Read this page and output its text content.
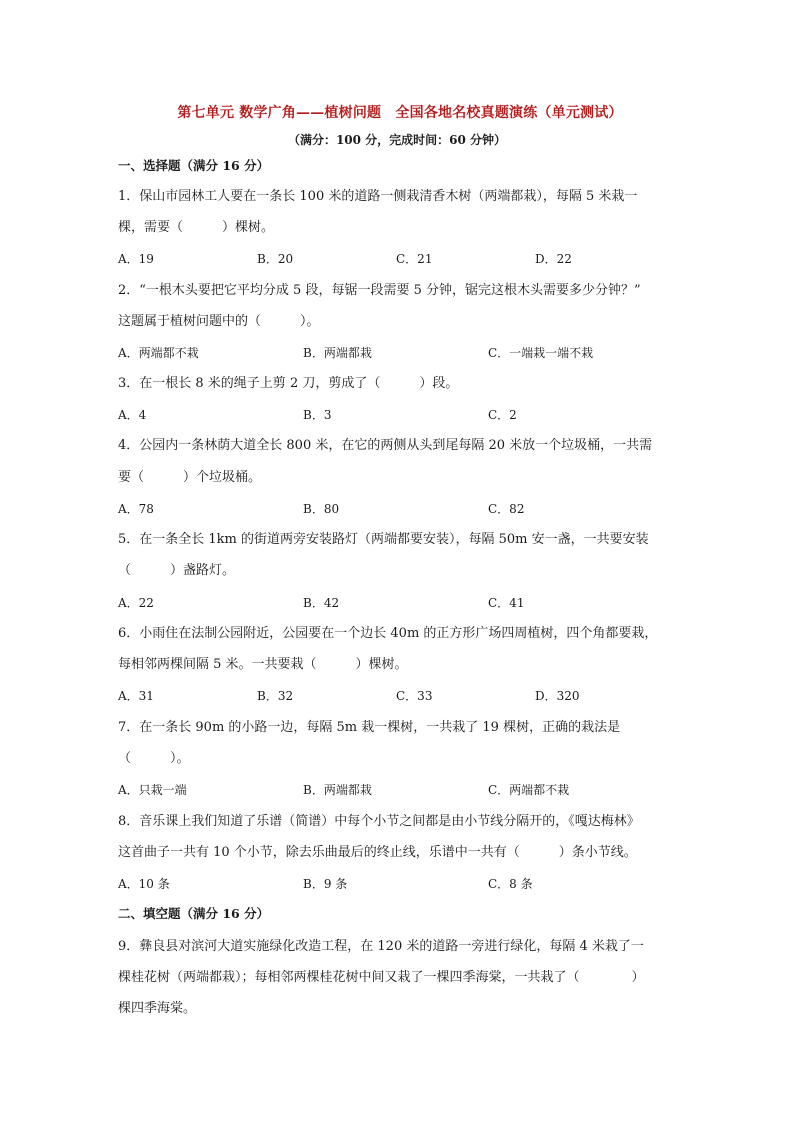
第七单元 数学广角——植树问题　全国各地名校真题演练（单元测试）
（满分：100 分，完成时间：60 分钟）
一、选择题（满分 16 分）
1．保山市园林工人要在一条长 100 米的道路一侧栽清香木树（两端都栽），每隔 5 米栽一
棵，需要（　　　）棵树。
A．19	B．20	C．21	D．22
2．“一根木头要把它平均分成 5 段，每锯一段需要 5 分钟，锯完这根木头需要多少分钟？”
这题属于植树问题中的（　　　）。
A．两端都不栽	B．两端都栽	C．一端栽一端不栽
3．在一根长 8 米的绳子上剪 2 刀，剪成了（　　　）段。
A．4	B．3	C．2
4．公园内一条林荫大道全长 800 米，在它的两侧从头到尾每隔 20 米放一个垃圾桶，一共需
要（　　　）个垃圾桶。
A．78	B．80	C．82
5．在一条全长 1km 的街道两旁安装路灯（两端都要安装），每隔 50m 安一盏，一共要安装
（　　　）盏路灯。
A．22	B．42	C．41
6．小雨住在法制公园附近，公园要在一个边长 40m 的正方形广场四周植树，四个角都要栽，
每相邻两棵间隔 5 米。一共要栽（　　　）棵树。
A．31	B．32	C．33	D．320
7．在一条长 90m 的小路一边，每隔 5m 栽一棵树，一共栽了 19 棵树，正确的栽法是
（　　　）。
A．只栽一端	B．两端都栽	C．两端都不栽
8．音乐课上我们知道了乐谱（简谱）中每个小节之间都是由小节线分隔开的，《嘎达梅林》
这首曲子一共有 10 个小节，除去乐曲最后的终止线，乐谱中一共有（　　　）条小节线。
A．10 条	B．9 条	C．8 条
二、填空题（满分 16 分）
9．彝良县对滨河大道实施绿化改造工程，在 120 米的道路一旁进行绿化，每隔 4 米栽了一
棵桂花树（两端都栽）；每相邻两棵桂花树中间又栽了一棵四季海棠，一共栽了（　　　　）
棵四季海棠。
